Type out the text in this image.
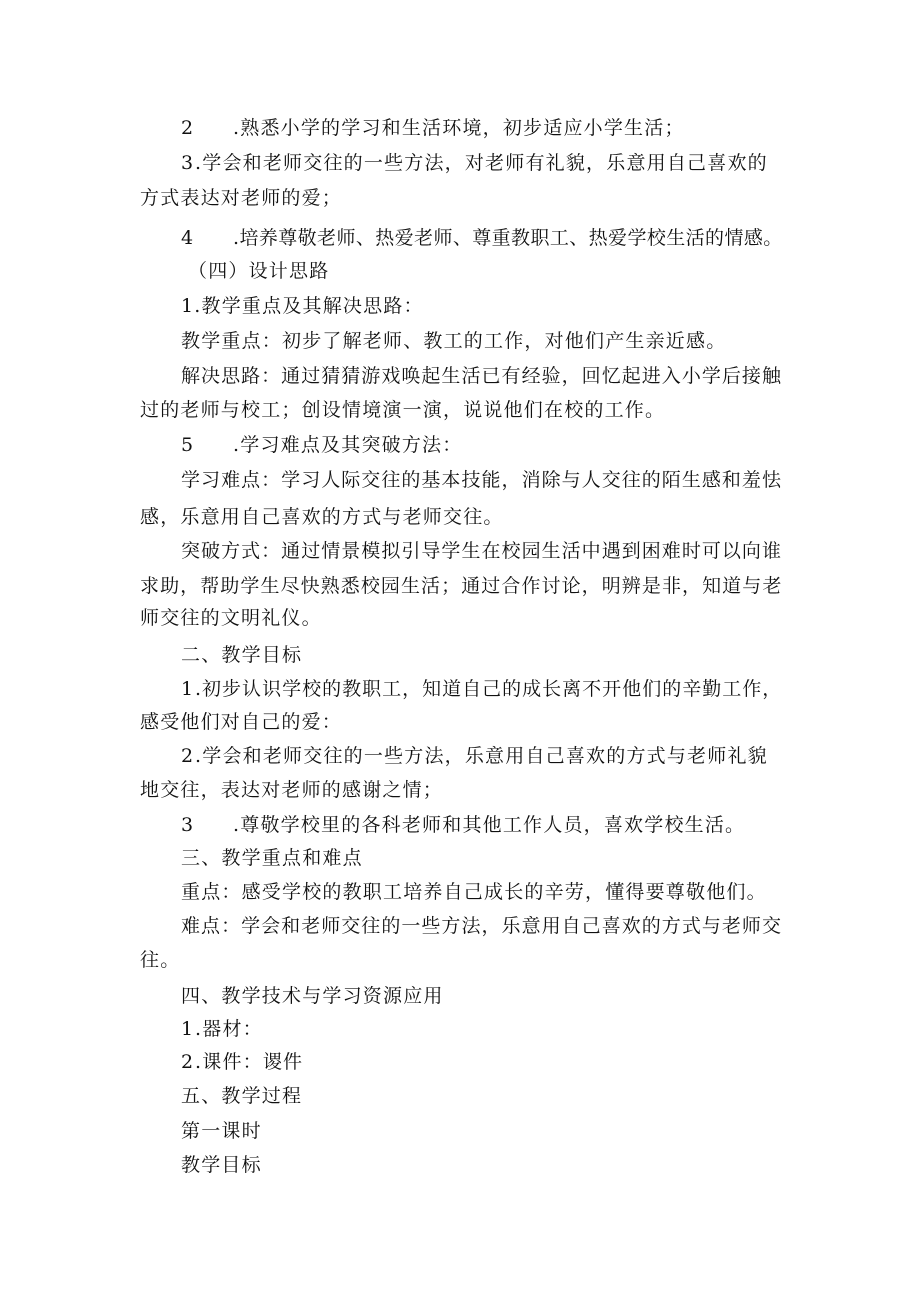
2 .熟悉小学的学习和生活环境，初步适应小学生活；
3.学会和老师交往的一些方法，对老师有礼貌，乐意用自己喜欢的
方式表达对老师的爱；
4 .培养尊敬老师、热爱老师、尊重教职工、热爱学校生活的情感。
（四）设计思路
1.教学重点及其解决思路：
教学重点：初步了解老师、教工的工作，对他们产生亲近感。
解决思路：通过猜猜游戏唤起生活已有经验，回忆起进入小学后接触
过的老师与校工；创设情境演一演，说说他们在校的工作。
5 .学习难点及其突破方法：
学习难点：学习人际交往的基本技能，消除与人交往的陌生感和羞怯
感，乐意用自己喜欢的方式与老师交往。
突破方式：通过情景模拟引导学生在校园生活中遇到困难时可以向谁
求助，帮助学生尽快熟悉校园生活；通过合作讨论，明辨是非，知道与老
师交往的文明礼仪。
二、教学目标
1.初步认识学校的教职工，知道自己的成长离不开他们的辛勤工作，
感受他们对自己的爱：
2.学会和老师交往的一些方法，乐意用自己喜欢的方式与老师礼貌
地交往，表达对老师的感谢之情；
3 .尊敬学校里的各科老师和其他工作人员，喜欢学校生活。
三、教学重点和难点
重点：感受学校的教职工培养自己成长的辛劳，懂得要尊敬他们。
难点：学会和老师交往的一些方法，乐意用自己喜欢的方式与老师交
往。
四、教学技术与学习资源应用
1.器材：
2.课件：谡件
五、教学过程
第一课时
教学目标
